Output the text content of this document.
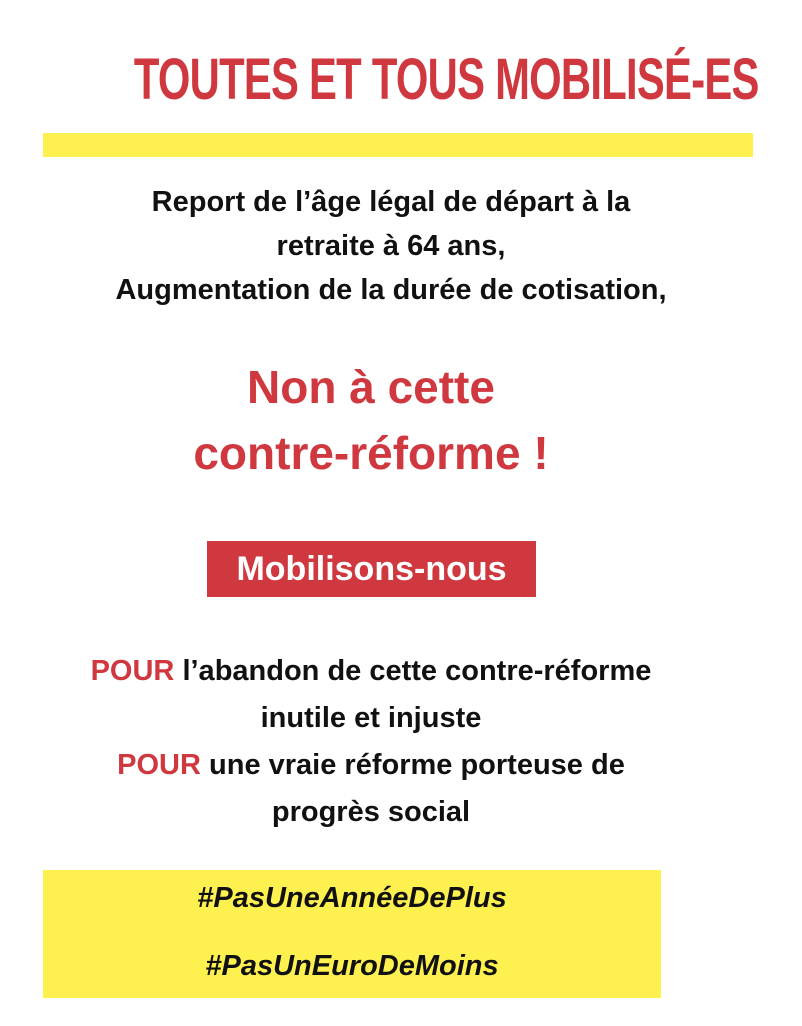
TOUTES ET TOUS MOBILISÉ-ES
Report de l’âge légal de départ à la
retraite à 64 ans,
Augmentation de la durée de cotisation,
Non à cette
contre-réforme !
Mobilisons-nous
POUR l’abandon de cette contre-réforme
inutile et injuste
POUR une vraie réforme porteuse de
progrès social
#PasUneAnnéeDePlus
#PasUnEuroDeMoins
